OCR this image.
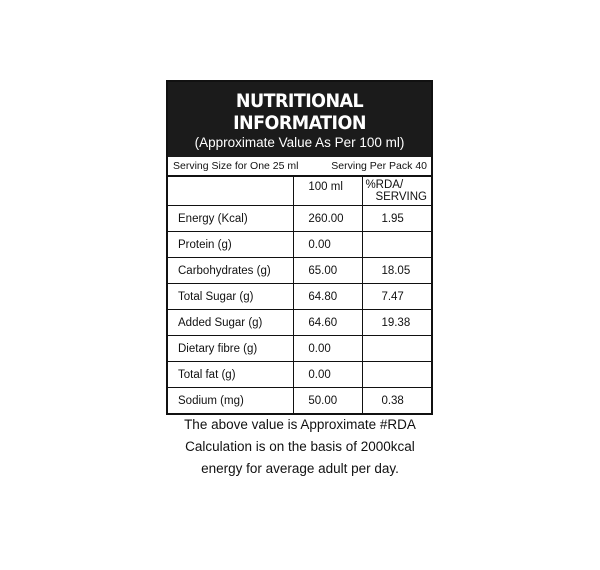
NUTRITIONAL INFORMATION
(Approximate Value As Per 100 ml)
Serving Size for One 25 ml	Serving Per Pack 40
	100 ml	%RDA/
SERVING

Energy (Kcal)	260.00	1.95
Protein (g)	0.00	
Carbohydrates (g)	65.00	18.05
Total Sugar (g)	64.80	7.47
Added Sugar (g)	64.60	19.38
Dietary fibre (g)	0.00	
Total fat (g)	0.00	
Sodium (mg)	50.00	0.38
The above value is Approximate #RDA
Calculation is on the basis of 2000kcal
energy for average adult per day.
